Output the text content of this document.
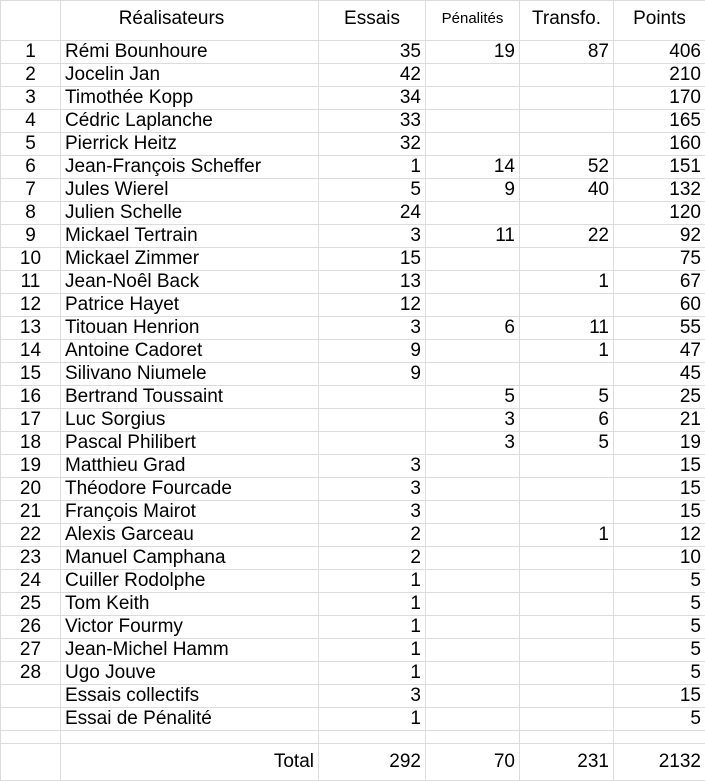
	Réalisateurs	Essais	Pénalités	Transfo.	Points
1	Rémi Bounhoure	35	19	87	406
2	Jocelin Jan	42			210
3	Timothée Kopp	34			170
4	Cédric Laplanche	33			165
5	Pierrick Heitz	32			160
6	Jean-François Scheffer	1	14	52	151
7	Jules Wierel	5	9	40	132
8	Julien Schelle	24			120
9	Mickael Tertrain	3	11	22	92
10	Mickael Zimmer	15			75
11	Jean-Noêl Back	13		1	67
12	Patrice Hayet	12			60
13	Titouan Henrion	3	6	11	55
14	Antoine Cadoret	9		1	47
15	Silivano Niumele	9			45
16	Bertrand Toussaint		5	5	25
17	Luc Sorgius		3	6	21
18	Pascal Philibert		3	5	19
19	Matthieu Grad	3			15
20	Théodore Fourcade	3			15
21	François Mairot	3			15
22	Alexis Garceau	2		1	12
23	Manuel Camphana	2			10
24	Cuiller Rodolphe	1			5
25	Tom Keith	1			5
26	Victor Fourmy	1			5
27	Jean-Michel Hamm	1			5
28	Ugo Jouve	1			5
	Essais collectifs	3			15
	Essai de Pénalité	1			5

	Total	292	70	231	2132
